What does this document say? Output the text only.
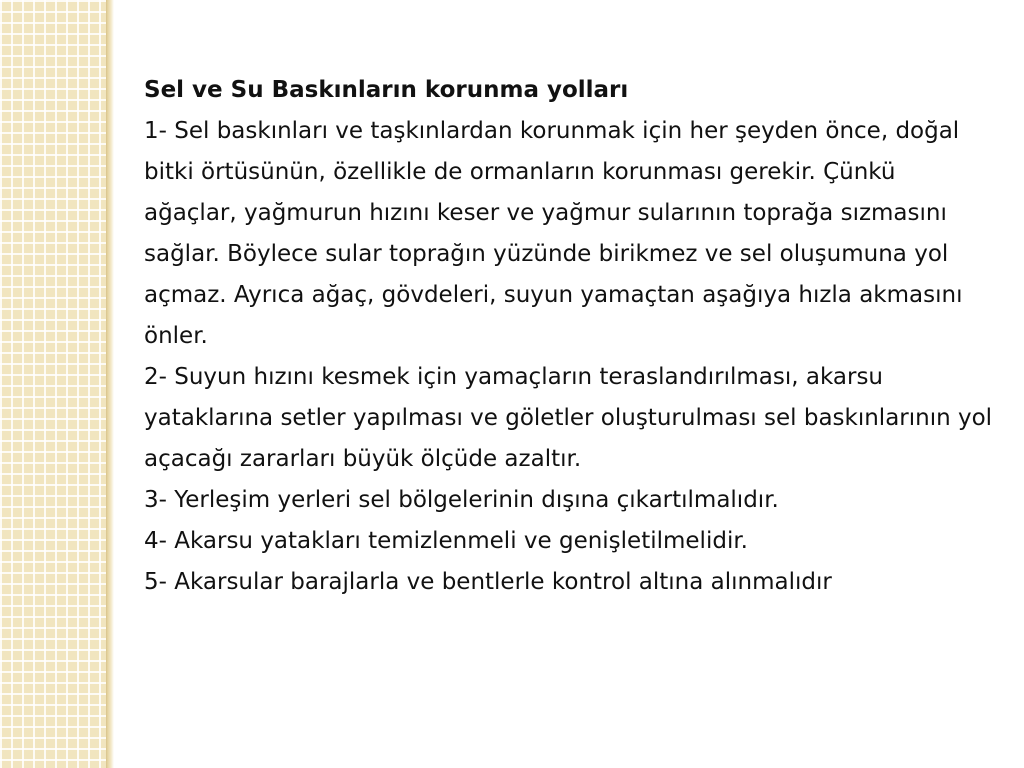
Sel ve Su Baskınların korunma yolları

1- Sel baskınları ve taşkınlardan korunmak için her şeyden önce, doğal bitki örtüsünün, özellikle de ormanların korunması gerekir. Çünkü ağaçlar, yağmurun hızını keser ve yağmur sularının toprağa sızmasını sağlar. Böylece sular toprağın yüzünde birikmez ve sel oluşumuna yol açmaz. Ayrıca ağaç, gövdeleri, suyun yamaçtan aşağıya hızla akmasını önler.

2- Suyun hızını kesmek için yamaçların teraslandırılması, akarsu yataklarına setler yapılması ve göletler oluşturulması sel baskınlarının yol açacağı zararları büyük ölçüde azaltır.

3- Yerleşim yerleri sel bölgelerinin dışına çıkartılmalıdır.

4- Akarsu yatakları temizlenmeli ve genişletilmelidir.

5- Akarsular barajlarla ve bentlerle kontrol altına alınmalıdır
